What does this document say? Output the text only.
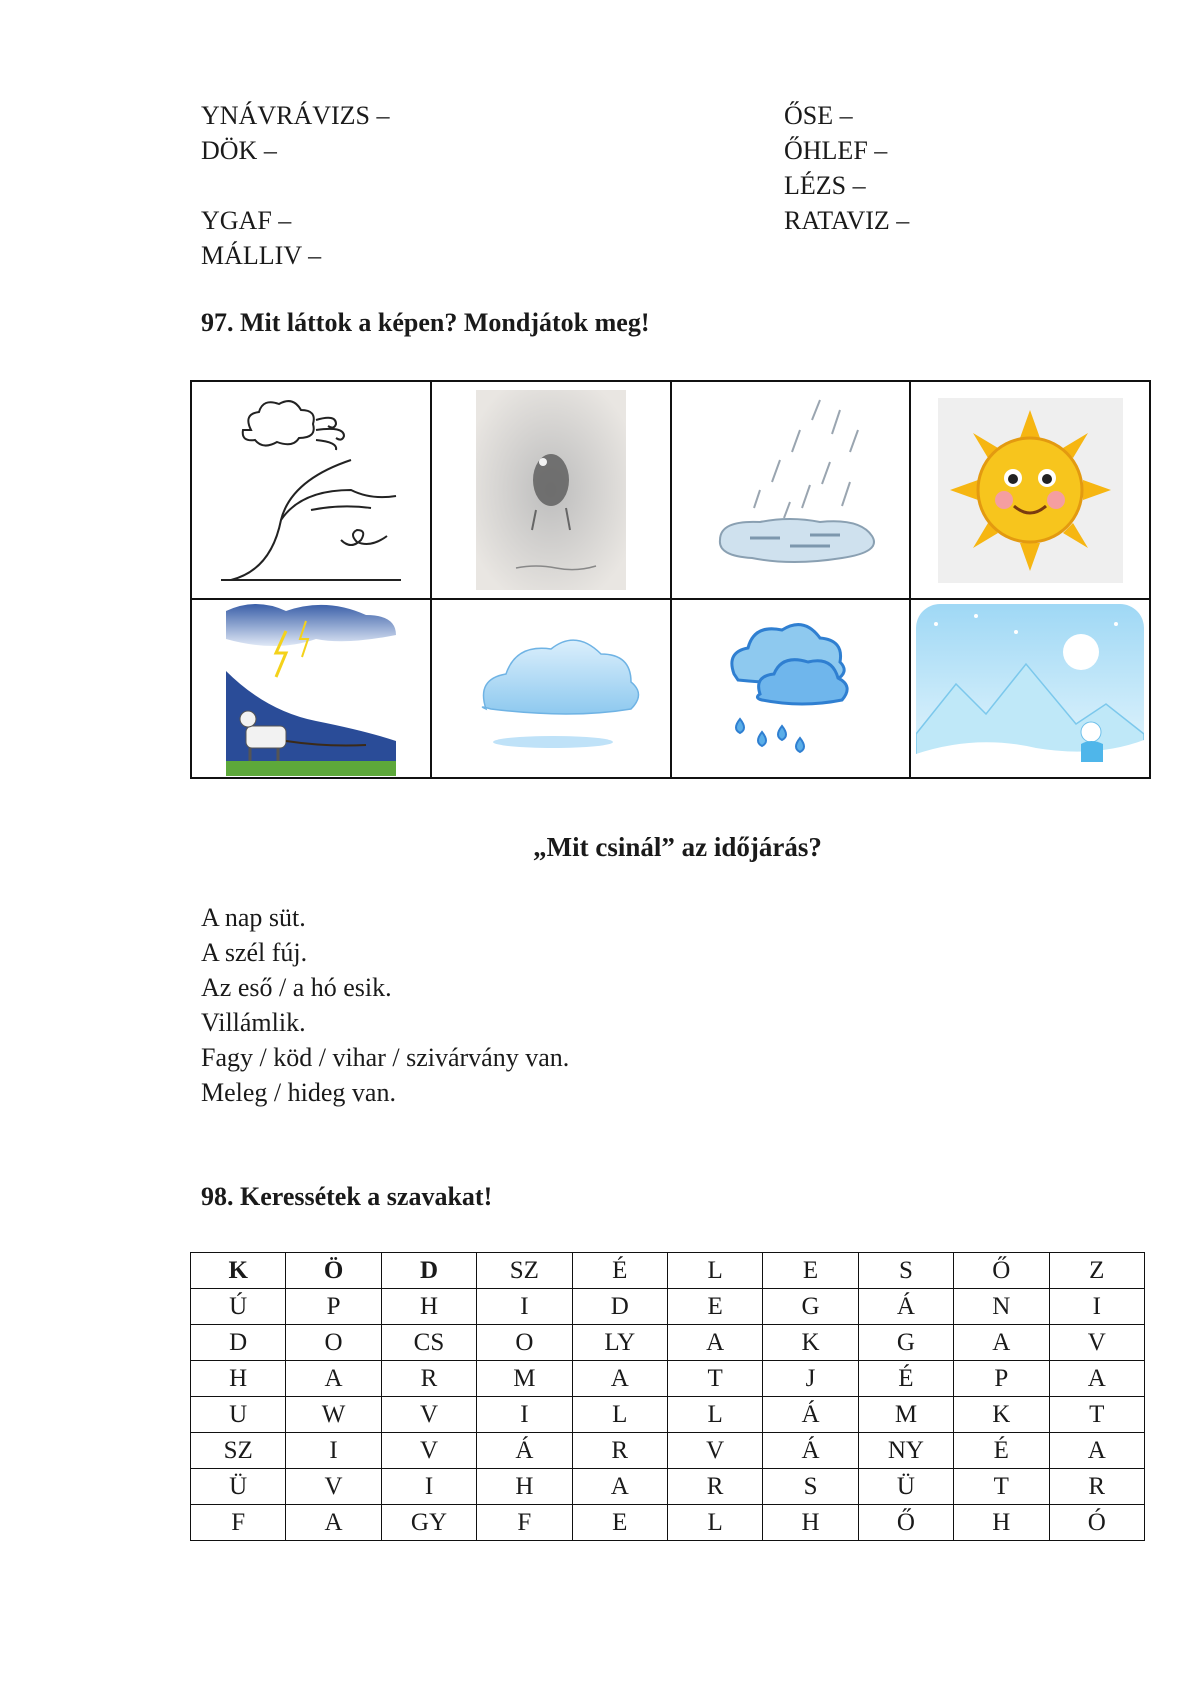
YNÁVRÁVIZS –
DÖK –
YGAF –
MÁLLIV –
ŐSE –
ŐHLEF –
LÉZS –
RATAVIZ –
97. Mit láttok a képen? Mondjátok meg!

„Mit csinál” az időjárás?
A nap süt.
A szél fúj.
Az eső / a hó esik.
Villámlik.
Fagy / köd / vihar / szivárvány van.
Meleg / hideg van.
98. Keressétek a szavakat!
K	Ö	D	SZ	É	L	E	S	Ő	Z
Ú	P	H	I	D	E	G	Á	N	I
D	O	CS	O	LY	A	K	G	A	V
H	A	R	M	A	T	J	É	P	A
U	W	V	I	L	L	Á	M	K	T
SZ	I	V	Á	R	V	Á	NY	É	A
Ü	V	I	H	A	R	S	Ü	T	R
F	A	GY	F	E	L	H	Ő	H	Ó
